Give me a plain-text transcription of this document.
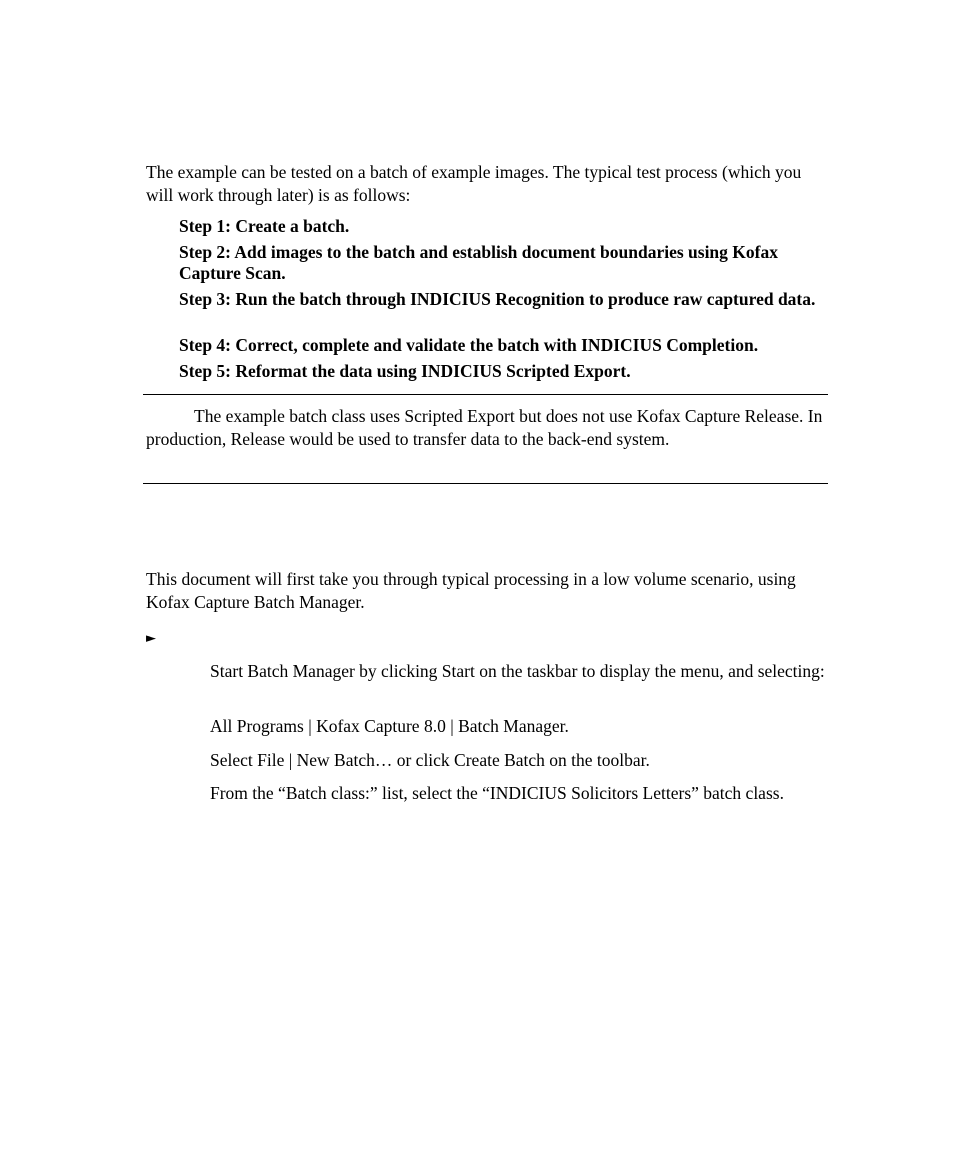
The example can be tested on a batch of example images. The typical test process (which you will work through later) is as follows:

Step 1: Create a batch.

Step 2: Add images to the batch and establish document boundaries using Kofax Capture Scan.

Step 3: Run the batch through INDICIUS Recognition to produce raw captured data.

Step 4: Correct, complete and validate the batch with INDICIUS Completion.

Step 5: Reformat the data using INDICIUS Scripted Export.

The example batch class uses Scripted Export but does not use Kofax Capture Release. In production, Release would be used to transfer data to the back-end system.

This document will first take you through typical processing in a low volume scenario, using Kofax Capture Batch Manager.

►

Start Batch Manager by clicking Start on the taskbar to display the menu, and selecting:

All Programs | Kofax Capture 8.0 | Batch Manager.

Select File | New Batch… or click Create Batch on the toolbar.

From the “Batch class:” list, select the “INDICIUS Solicitors Letters” batch class.
